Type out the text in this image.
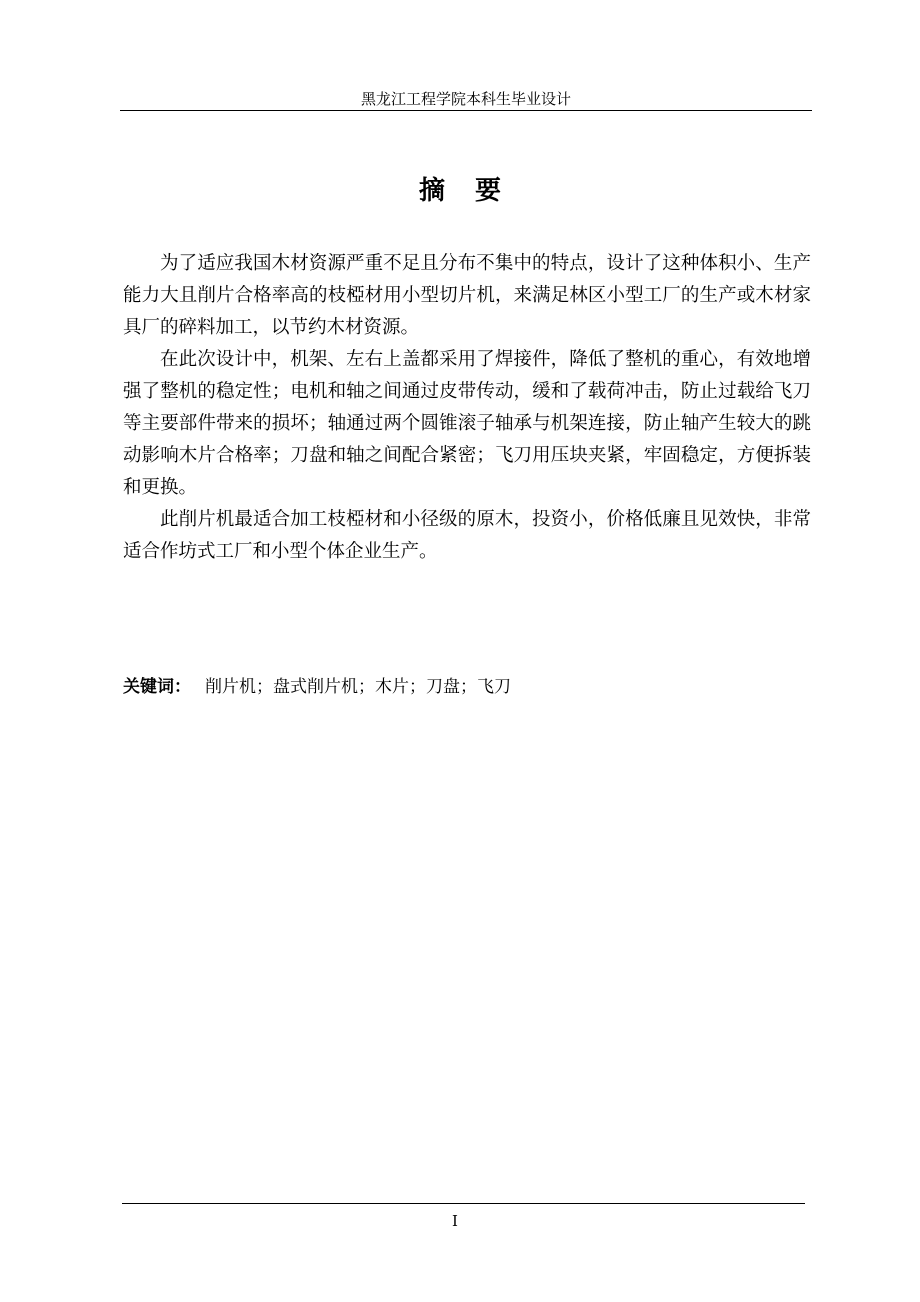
黑龙江工程学院本科生毕业设计
摘要
为了适应我国木材资源严重不足且分布不集中的特点，设计了这种体积小、生产
能力大且削片合格率高的枝椏材用小型切片机，来满足林区小型工厂的生产或木材家
具厂的碎料加工，以节约木材资源。
在此次设计中，机架、左右上盖都采用了焊接件，降低了整机的重心，有效地增
强了整机的稳定性；电机和轴之间通过皮带传动，缓和了载荷冲击，防止过载给飞刀
等主要部件带来的损坏；轴通过两个圆锥滚子轴承与机架连接，防止轴产生较大的跳
动影响木片合格率；刀盘和轴之间配合紧密；飞刀用压块夹紧，牢固稳定，方便拆装
和更换。
此削片机最适合加工枝椏材和小径级的原木，投资小，价格低廉且见效快，非常
适合作坊式工厂和小型个体企业生产。
关键词： 削片机；盘式削片机；木片；刀盘；飞刀
I
